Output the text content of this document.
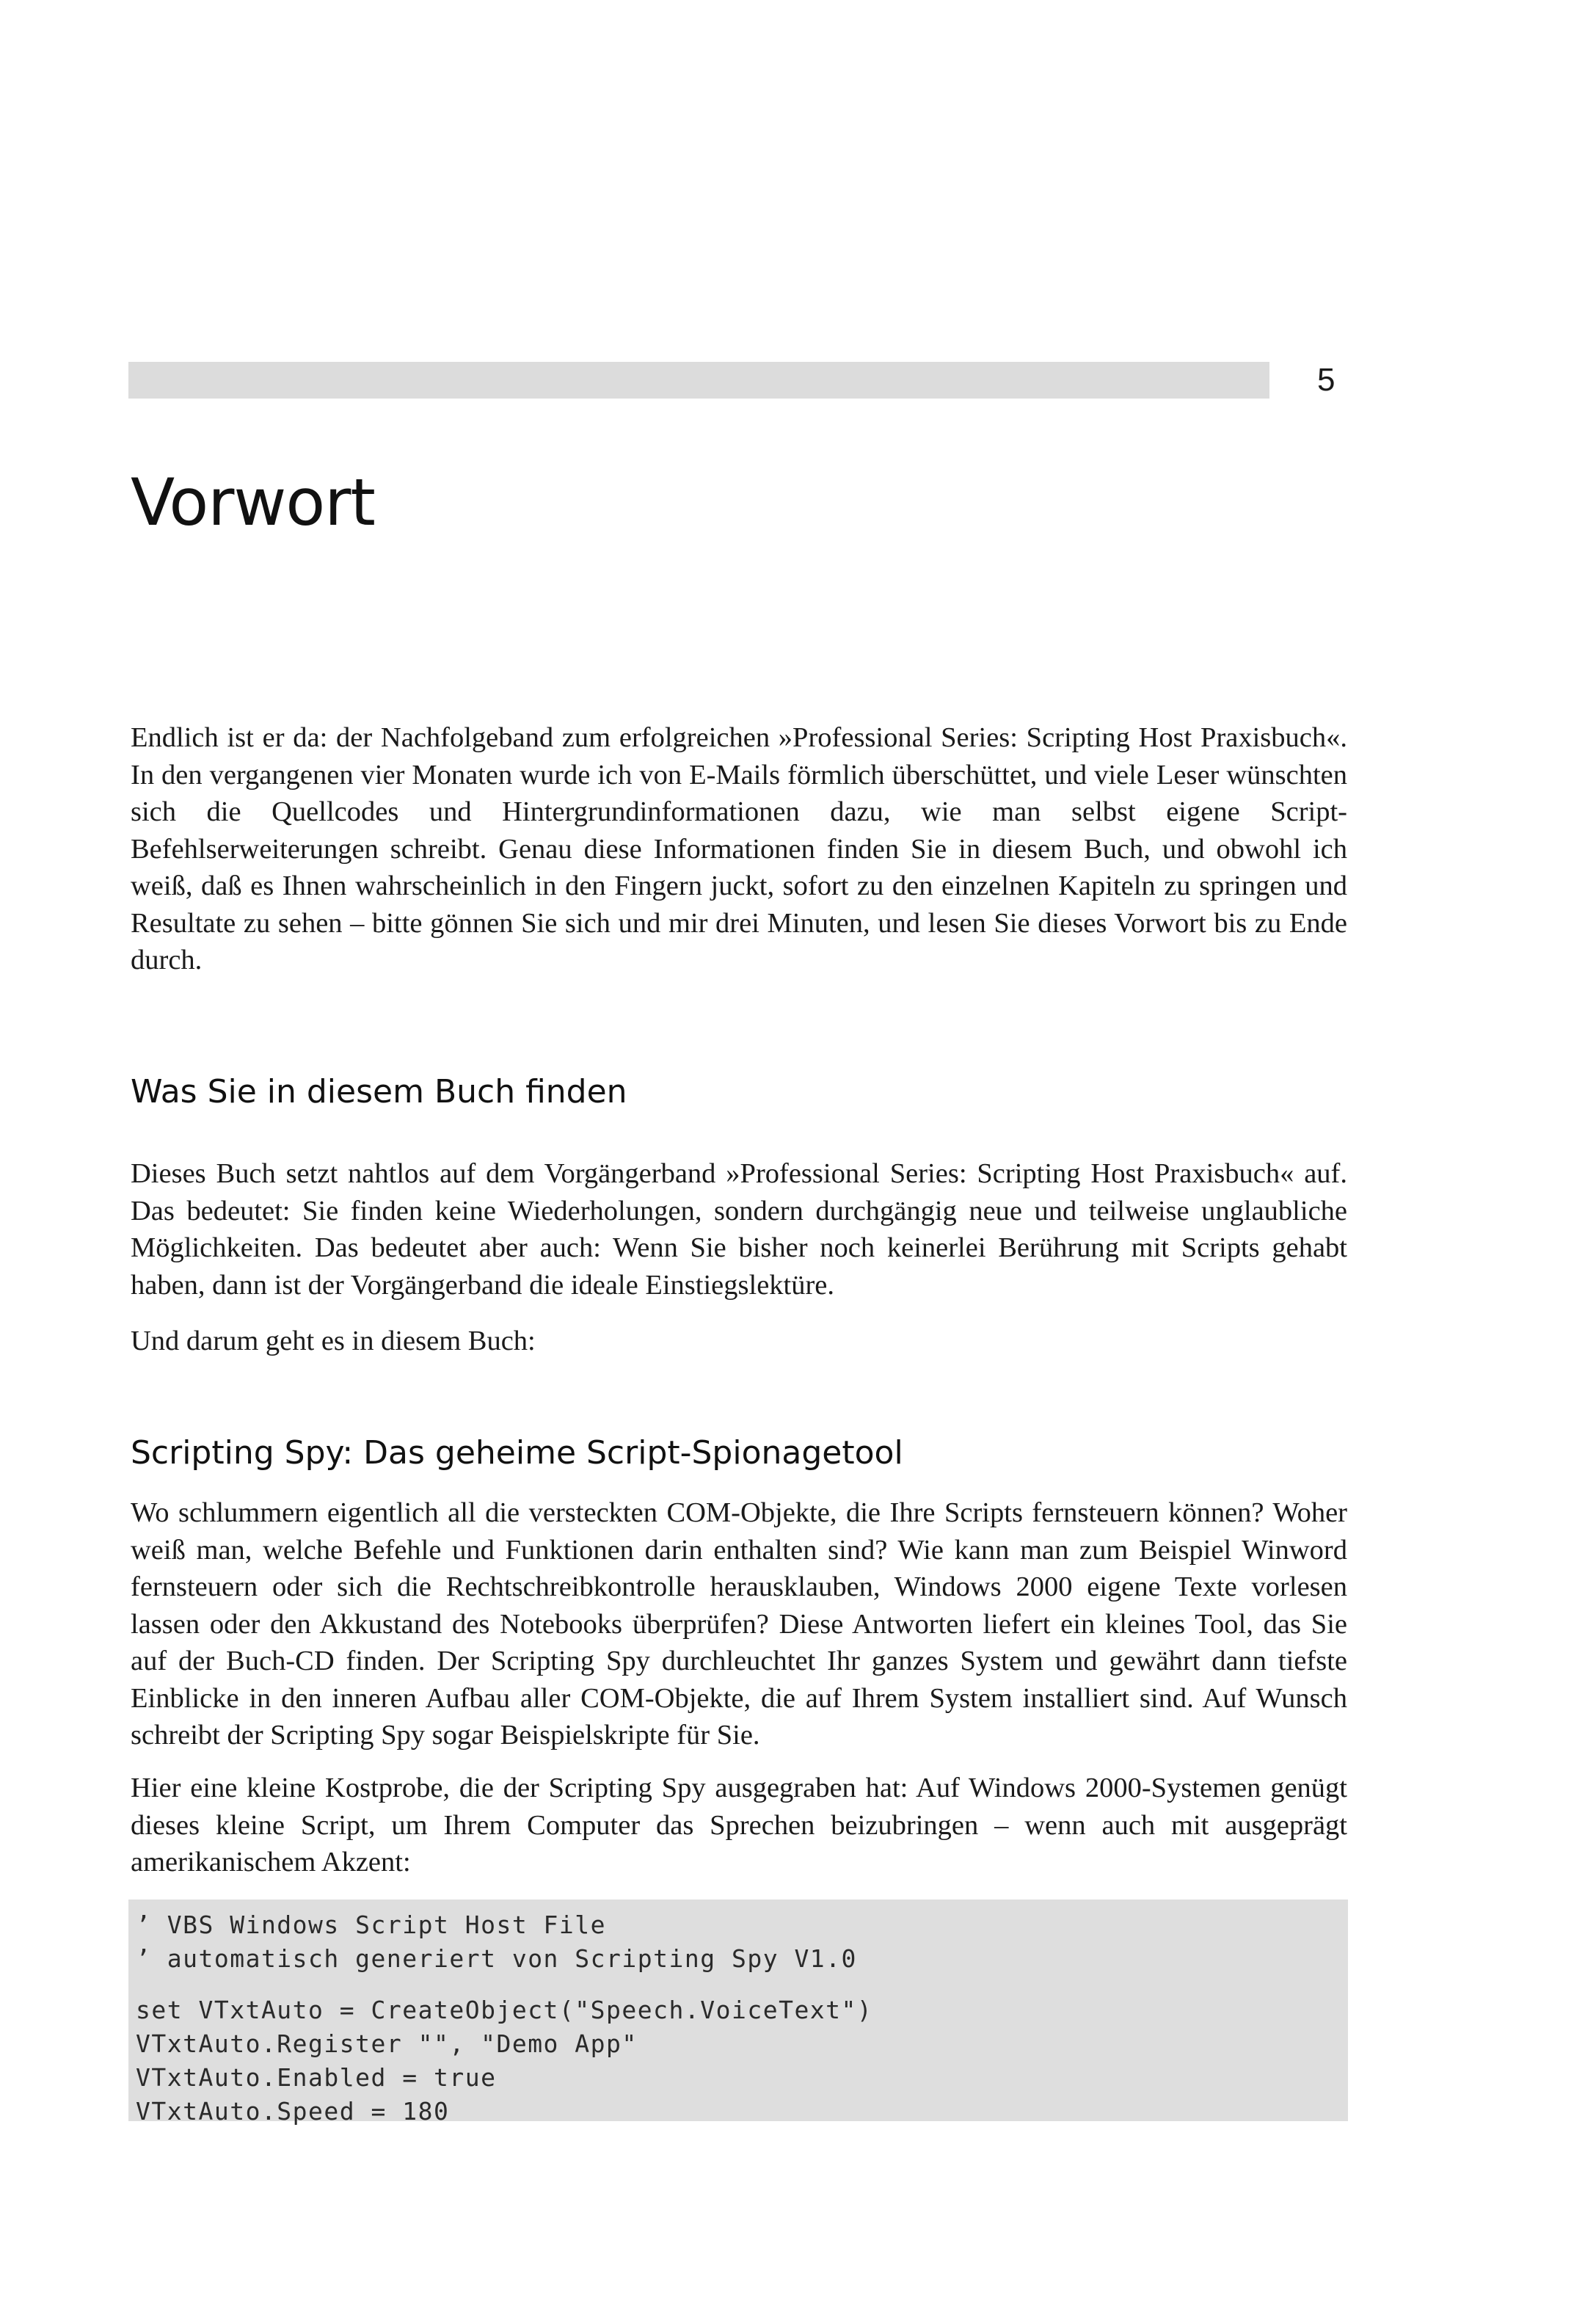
5
Vorwort

Endlich ist er da: der Nachfolgeband zum erfolgreichen »Professional Series: Scripting Host Praxisbuch«. In den vergangenen vier Monaten wurde ich von E-Mails förmlich überschüttet, und viele Leser wünschten sich die Quellcodes und Hintergrundinformationen dazu, wie man selbst eigene Script-Befehlserweiterungen schreibt. Genau diese Informationen finden Sie in diesem Buch, und obwohl ich weiß, daß es Ihnen wahrscheinlich in den Fingern juckt, sofort zu den einzelnen Kapiteln zu springen und Resultate zu sehen – bitte gönnen Sie sich und mir drei Minuten, und lesen Sie dieses Vorwort bis zu Ende durch.

Was Sie in diesem Buch finden

Dieses Buch setzt nahtlos auf dem Vorgängerband »Professional Series: Scripting Host Praxisbuch« auf. Das bedeutet: Sie finden keine Wiederholungen, sondern durchgängig neue und teilweise unglaubliche Möglichkeiten. Das bedeutet aber auch: Wenn Sie bisher noch keinerlei Berührung mit Scripts gehabt haben, dann ist der Vorgängerband die ideale Einstiegslektüre.

Und darum geht es in diesem Buch:

Scripting Spy: Das geheime Script-Spionagetool

Wo schlummern eigentlich all die versteckten COM-Objekte, die Ihre Scripts fernsteuern können? Woher weiß man, welche Befehle und Funktionen darin enthalten sind? Wie kann man zum Beispiel Winword fernsteuern oder sich die Rechtschreibkontrolle herausklauben, Windows 2000 eigene Texte vorlesen lassen oder den Akkustand des Notebooks überprüfen? Diese Antworten liefert ein kleines Tool, das Sie auf der Buch-CD finden. Der Scripting Spy durchleuchtet Ihr ganzes System und gewährt dann tiefste Einblicke in den inneren Aufbau aller COM-Objekte, die auf Ihrem System installiert sind. Auf Wunsch schreibt der Scripting Spy sogar Beispielskripte für Sie.

Hier eine kleine Kostprobe, die der Scripting Spy ausgegraben hat: Auf Windows 2000-Systemen genügt dieses kleine Script, um Ihrem Computer das Sprechen beizubringen – wenn auch mit ausgeprägt amerikanischem Akzent:

’ VBS Windows Script Host File
’ automatisch generiert von Scripting Spy V1.0
set VTxtAuto = CreateObject("Speech.VoiceText")
VTxtAuto.Register "", "Demo App"
VTxtAuto.Enabled = true
VTxtAuto.Speed = 180
